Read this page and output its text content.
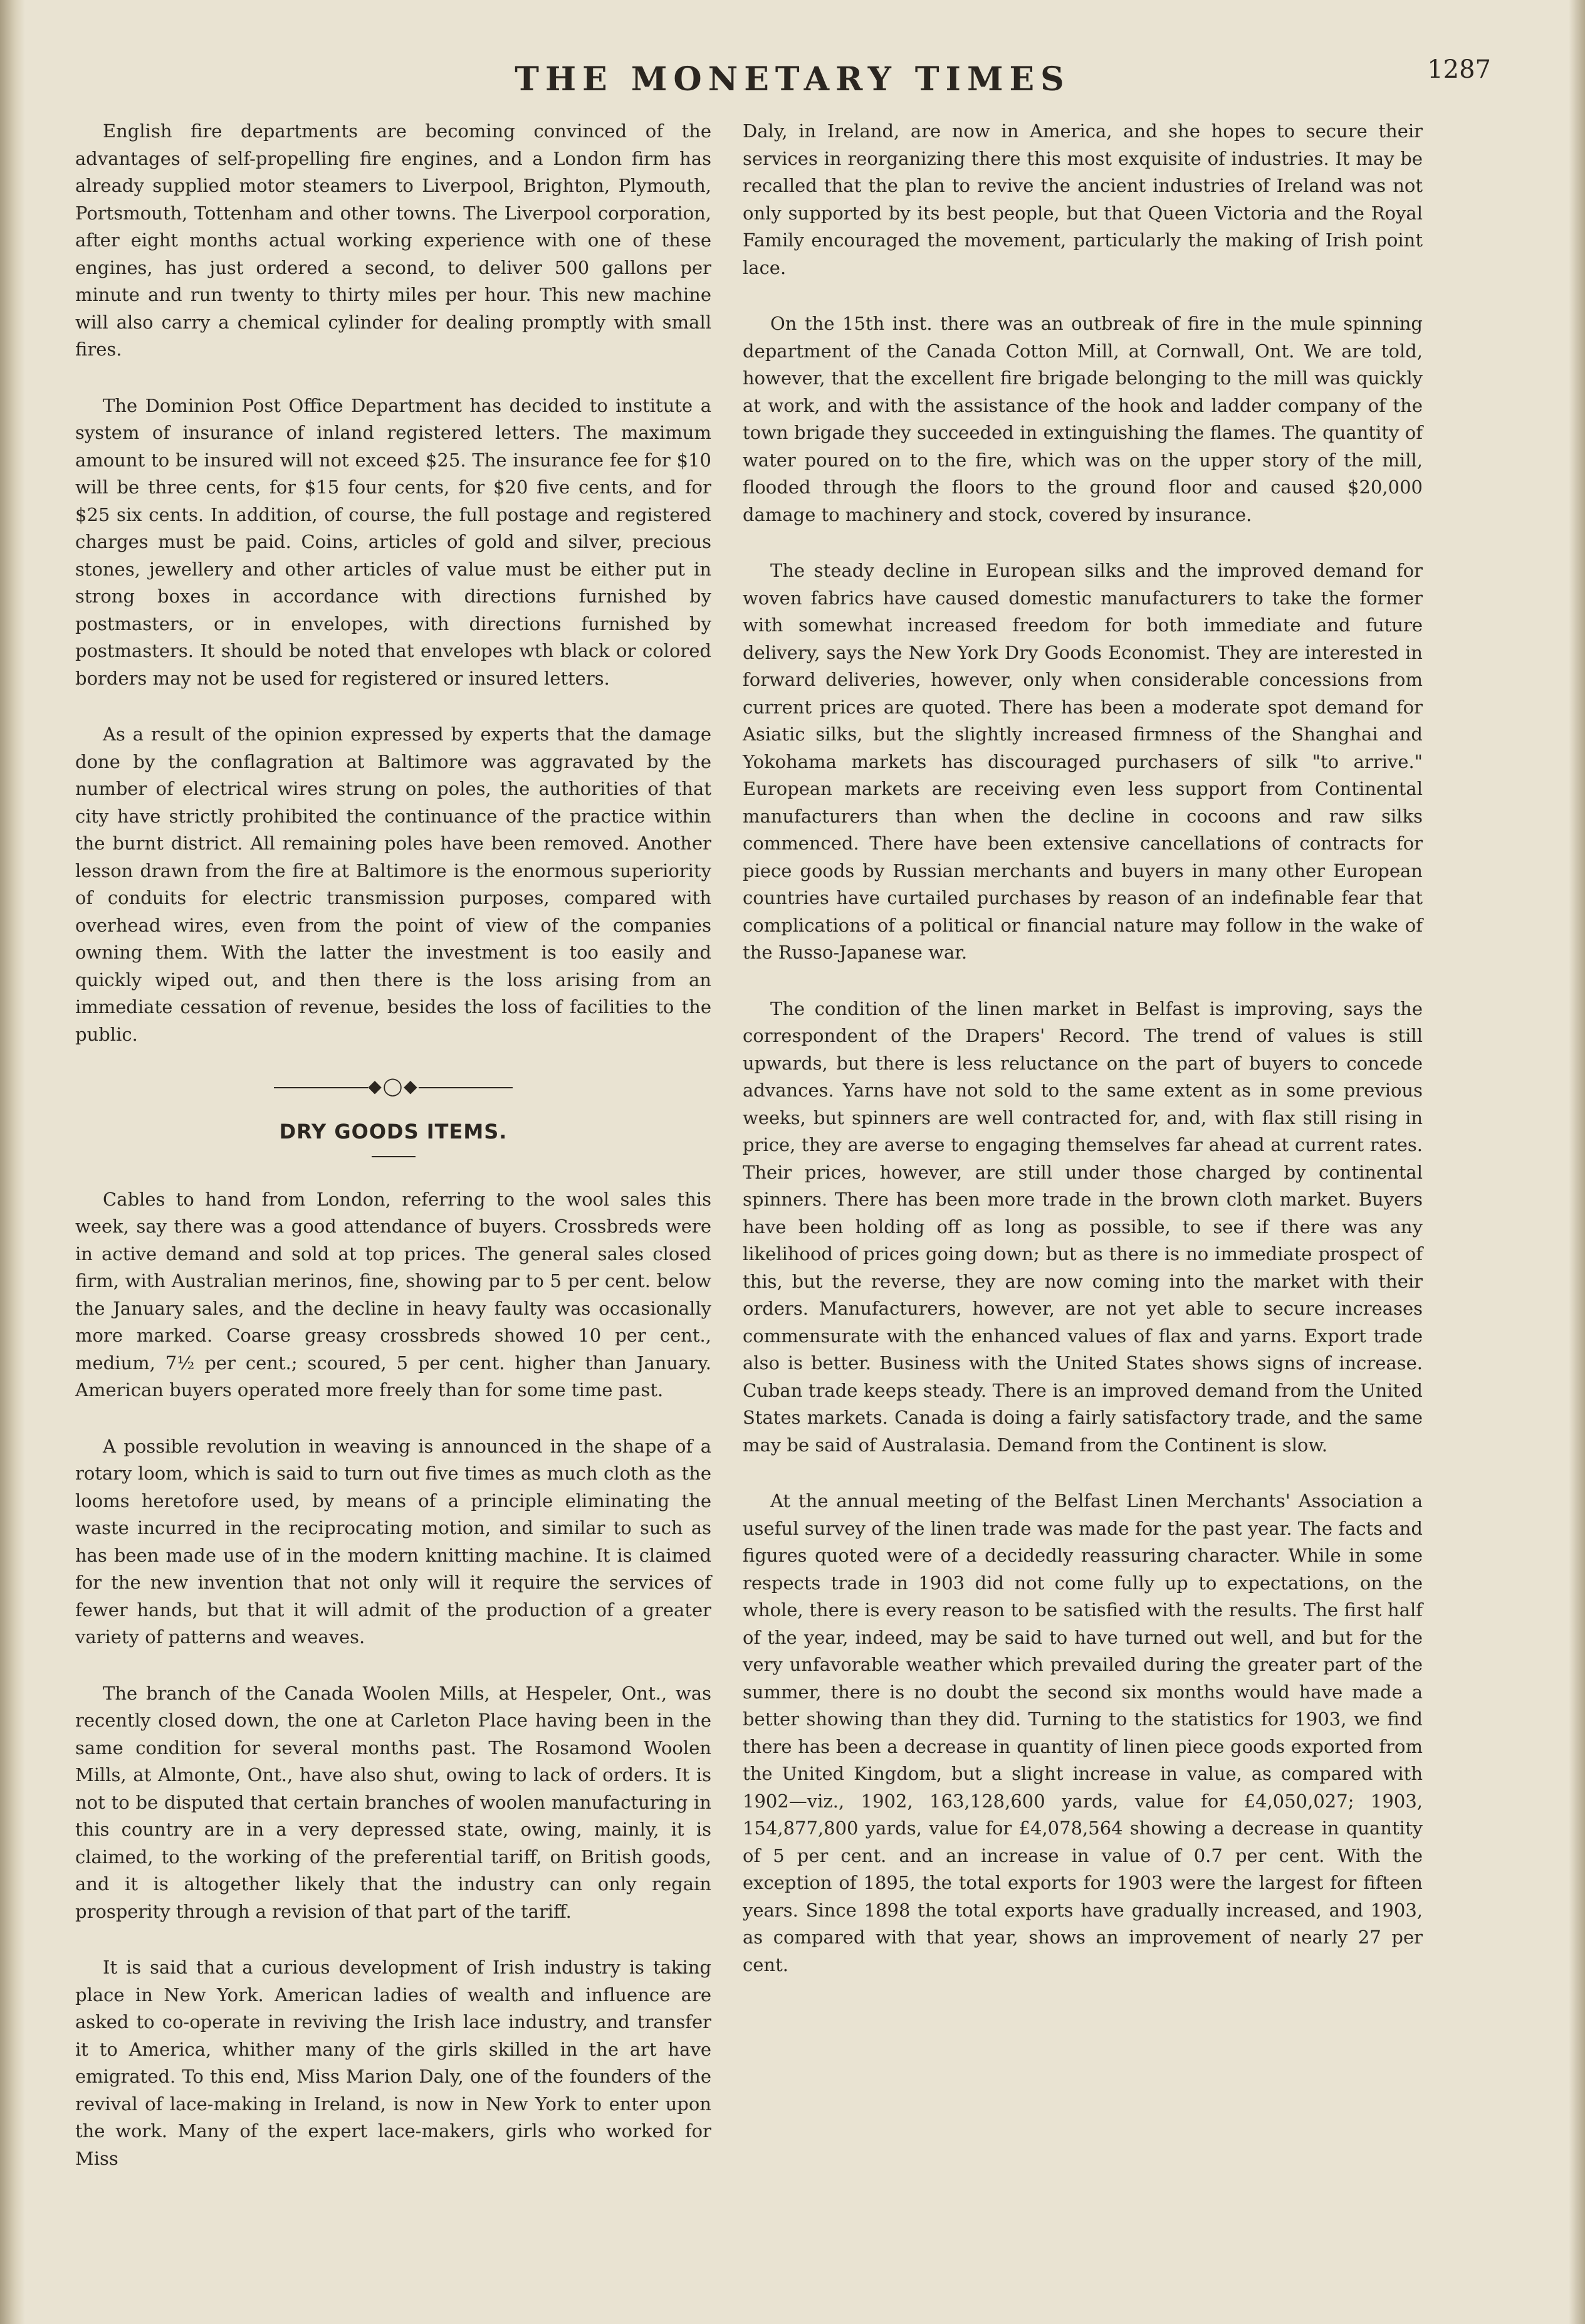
THE MONETARY TIMES	1287

English fire departments are becoming convinced of the advantages of self-propelling fire engines, and a London firm has already supplied motor steamers to Liverpool, Brighton, Plymouth, Portsmouth, Tottenham and other towns. The Liverpool corporation, after eight months actual working experience with one of these engines, has just ordered a second, to deliver 500 gallons per minute and run twenty to thirty miles per hour. This new machine will also carry a chemical cylinder for dealing promptly with small fires.

The Dominion Post Office Department has decided to institute a system of insurance of inland registered letters. The maximum amount to be insured will not exceed $25. The insurance fee for $10 will be three cents, for $15 four cents, for $20 five cents, and for $25 six cents. In addition, of course, the full postage and registered charges must be paid. Coins, articles of gold and silver, precious stones, jewellery and other articles of value must be either put in strong boxes in accordance with directions furnished by postmasters, or in envelopes, with directions furnished by postmasters. It should be noted that envelopes wth black or colored borders may not be used for registered or insured letters.

As a result of the opinion expressed by experts that the damage done by the conflagration at Baltimore was aggravated by the number of electrical wires strung on poles, the authorities of that city have strictly prohibited the continuance of the practice within the burnt district. All remaining poles have been removed. Another lesson drawn from the fire at Baltimore is the enormous superiority of conduits for electric transmission purposes, compared with overhead wires, even from the point of view of the companies owning them. With the latter the investment is too easily and quickly wiped out, and then there is the loss arising from an immediate cessation of revenue, besides the loss of facilities to the public.

◆◯◆
DRY GOODS ITEMS.

Cables to hand from London, referring to the wool sales this week, say there was a good attendance of buyers. Crossbreds were in active demand and sold at top prices. The general sales closed firm, with Australian merinos, fine, showing par to 5 per cent. below the January sales, and the decline in heavy faulty was occasionally more marked. Coarse greasy crossbreds showed 10 per cent., medium, 7½ per cent.; scoured, 5 per cent. higher than January. American buyers operated more freely than for some time past.

A possible revolution in weaving is announced in the shape of a rotary loom, which is said to turn out five times as much cloth as the looms heretofore used, by means of a principle eliminating the waste incurred in the reciprocating motion, and similar to such as has been made use of in the modern knitting machine. It is claimed for the new invention that not only will it require the services of fewer hands, but that it will admit of the production of a greater variety of patterns and weaves.

The branch of the Canada Woolen Mills, at Hespeler, Ont., was recently closed down, the one at Carleton Place having been in the same condition for several months past. The Rosamond Woolen Mills, at Almonte, Ont., have also shut, owing to lack of orders. It is not to be disputed that certain branches of woolen manufacturing in this country are in a very depressed state, owing, mainly, it is claimed, to the working of the preferential tariff, on British goods, and it is altogether likely that the industry can only regain prosperity through a revision of that part of the tariff.

It is said that a curious development of Irish industry is taking place in New York. American ladies of wealth and influence are asked to co-operate in reviving the Irish lace industry, and transfer it to America, whither many of the girls skilled in the art have emigrated. To this end, Miss Marion Daly, one of the founders of the revival of lace-making in Ireland, is now in New York to enter upon the work. Many of the expert lace-makers, girls who worked for Miss

Daly, in Ireland, are now in America, and she hopes to secure their services in reorganizing there this most exquisite of industries. It may be recalled that the plan to revive the ancient industries of Ireland was not only supported by its best people, but that Queen Victoria and the Royal Family encouraged the movement, particularly the making of Irish point lace.

On the 15th inst. there was an outbreak of fire in the mule spinning department of the Canada Cotton Mill, at Cornwall, Ont. We are told, however, that the excellent fire brigade belonging to the mill was quickly at work, and with the assistance of the hook and ladder company of the town brigade they succeeded in extinguishing the flames. The quantity of water poured on to the fire, which was on the upper story of the mill, flooded through the floors to the ground floor and caused $20,000 damage to machinery and stock, covered by insurance.

The steady decline in European silks and the improved demand for woven fabrics have caused domestic manufacturers to take the former with somewhat increased freedom for both immediate and future delivery, says the New York Dry Goods Economist. They are interested in forward deliveries, however, only when considerable concessions from current prices are quoted. There has been a moderate spot demand for Asiatic silks, but the slightly increased firmness of the Shanghai and Yokohama markets has discouraged purchasers of silk "to arrive." European markets are receiving even less support from Continental manufacturers than when the decline in cocoons and raw silks commenced. There have been extensive cancellations of contracts for piece goods by Russian merchants and buyers in many other European countries have curtailed purchases by reason of an indefinable fear that complications of a political or financial nature may follow in the wake of the Russo-Japanese war.

The condition of the linen market in Belfast is improving, says the correspondent of the Drapers' Record. The trend of values is still upwards, but there is less reluctance on the part of buyers to concede advances. Yarns have not sold to the same extent as in some previous weeks, but spinners are well contracted for, and, with flax still rising in price, they are averse to engaging themselves far ahead at current rates. Their prices, however, are still under those charged by continental spinners. There has been more trade in the brown cloth market. Buyers have been holding off as long as possible, to see if there was any likelihood of prices going down; but as there is no immediate prospect of this, but the reverse, they are now coming into the market with their orders. Manufacturers, however, are not yet able to secure increases commensurate with the enhanced values of flax and yarns. Export trade also is better. Business with the United States shows signs of increase. Cuban trade keeps steady. There is an improved demand from the United States markets. Canada is doing a fairly satisfactory trade, and the same may be said of Australasia. Demand from the Continent is slow.

At the annual meeting of the Belfast Linen Merchants' Association a useful survey of the linen trade was made for the past year. The facts and figures quoted were of a decidedly reassuring character. While in some respects trade in 1903 did not come fully up to expectations, on the whole, there is every reason to be satisfied with the results. The first half of the year, indeed, may be said to have turned out well, and but for the very unfavorable weather which prevailed during the greater part of the summer, there is no doubt the second six months would have made a better showing than they did. Turning to the statistics for 1903, we find there has been a decrease in quantity of linen piece goods exported from the United Kingdom, but a slight increase in value, as compared with 1902—viz., 1902, 163,128,600 yards, value for £4,050,027; 1903, 154,877,800 yards, value for £4,078,564 showing a decrease in quantity of 5 per cent. and an increase in value of 0.7 per cent. With the exception of 1895, the total exports for 1903 were the largest for fifteen years. Since 1898 the total exports have gradually increased, and 1903, as compared with that year, shows an improvement of nearly 27 per cent.
